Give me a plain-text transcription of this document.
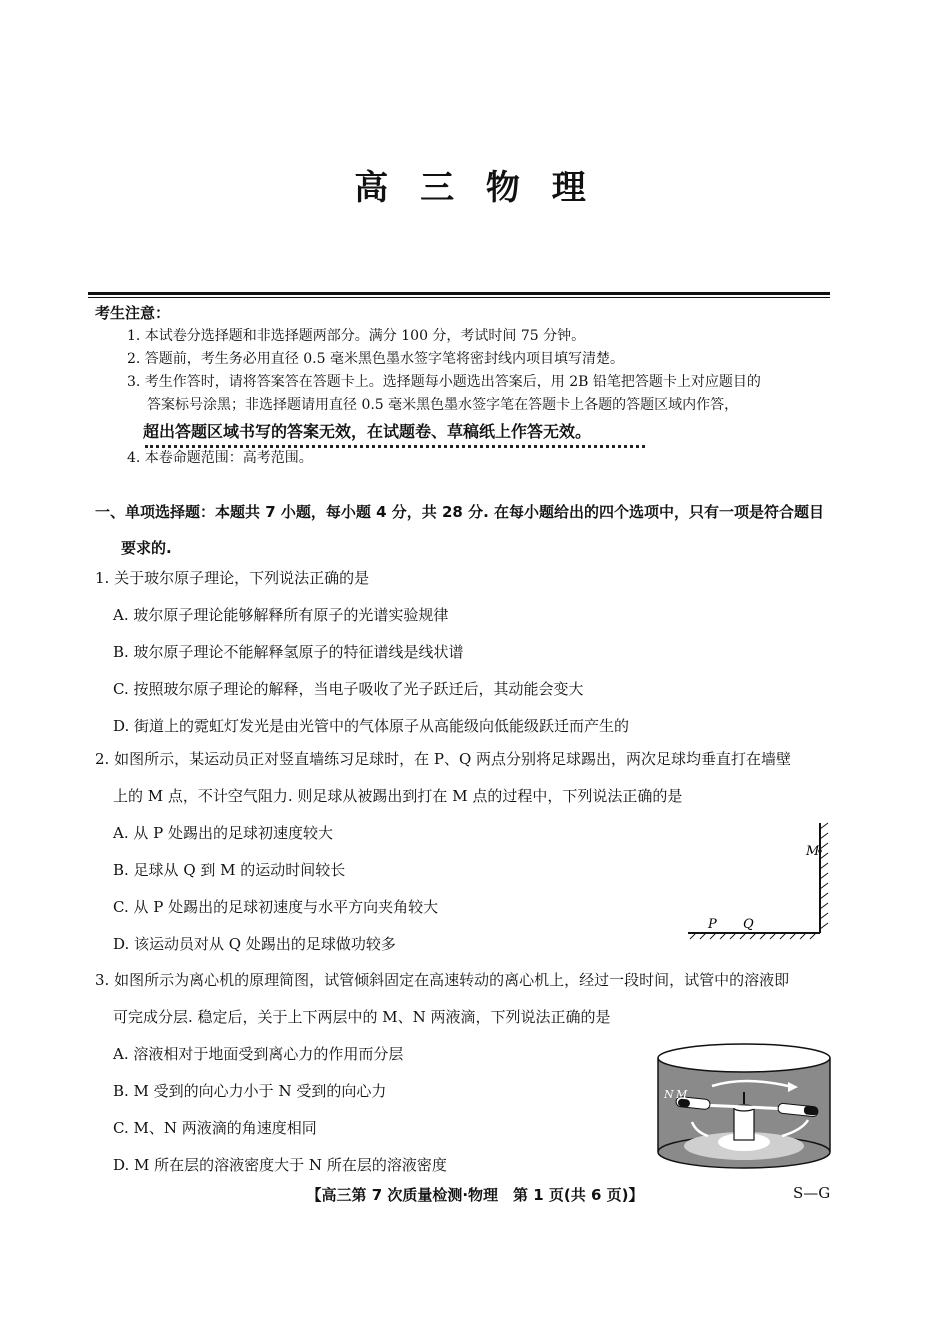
高 三 物 理
考生注意：
1. 本试卷分选择题和非选择题两部分。满分 100 分，考试时间 75 分钟。
2. 答题前，考生务必用直径 0.5 毫米黑色墨水签字笔将密封线内项目填写清楚。
3. 考生作答时，请将答案答在答题卡上。选择题每小题选出答案后，用 2B 铅笔把答题卡上对应题目的
答案标号涂黑；非选择题请用直径 0.5 毫米黑色墨水签字笔在答题卡上各题的答题区域内作答，
超出答题区域书写的答案无效，在试题卷、草稿纸上作答无效。
4. 本卷命题范围：高考范围。
一、单项选择题：本题共 7 小题，每小题 4 分，共 28 分. 在每小题给出的四个选项中，只有一项是符合题目
要求的.
1. 关于玻尔原子理论，下列说法正确的是
A. 玻尔原子理论能够解释所有原子的光谱实验规律
B. 玻尔原子理论不能解释氢原子的特征谱线是线状谱
C. 按照玻尔原子理论的解释，当电子吸收了光子跃迁后，其动能会变大
D. 街道上的霓虹灯发光是由光管中的气体原子从高能级向低能级跃迁而产生的
2. 如图所示，某运动员正对竖直墙练习足球时，在 P、Q 两点分别将足球踢出，两次足球均垂直打在墙壁
上的 M 点，不计空气阻力. 则足球从被踢出到打在 M 点的过程中，下列说法正确的是
A. 从 P 处踢出的足球初速度较大
B. 足球从 Q 到 M 的运动时间较长
C. 从 P 处踢出的足球初速度与水平方向夹角较大
D. 该运动员对从 Q 处踢出的足球做功较多
M
P Q
3. 如图所示为离心机的原理简图，试管倾斜固定在高速转动的离心机上，经过一段时间，试管中的溶液即
可完成分层. 稳定后，关于上下两层中的 M、N 两液滴，下列说法正确的是
A. 溶液相对于地面受到离心力的作用而分层
B. M 受到的向心力小于 N 受到的向心力
C. M、N 两液滴的角速度相同
D. M 所在层的溶液密度大于 N 所在层的溶液密度
N M
【高三第 7 次质量检测·物理　第 1 页(共 6 页)】	S—G
